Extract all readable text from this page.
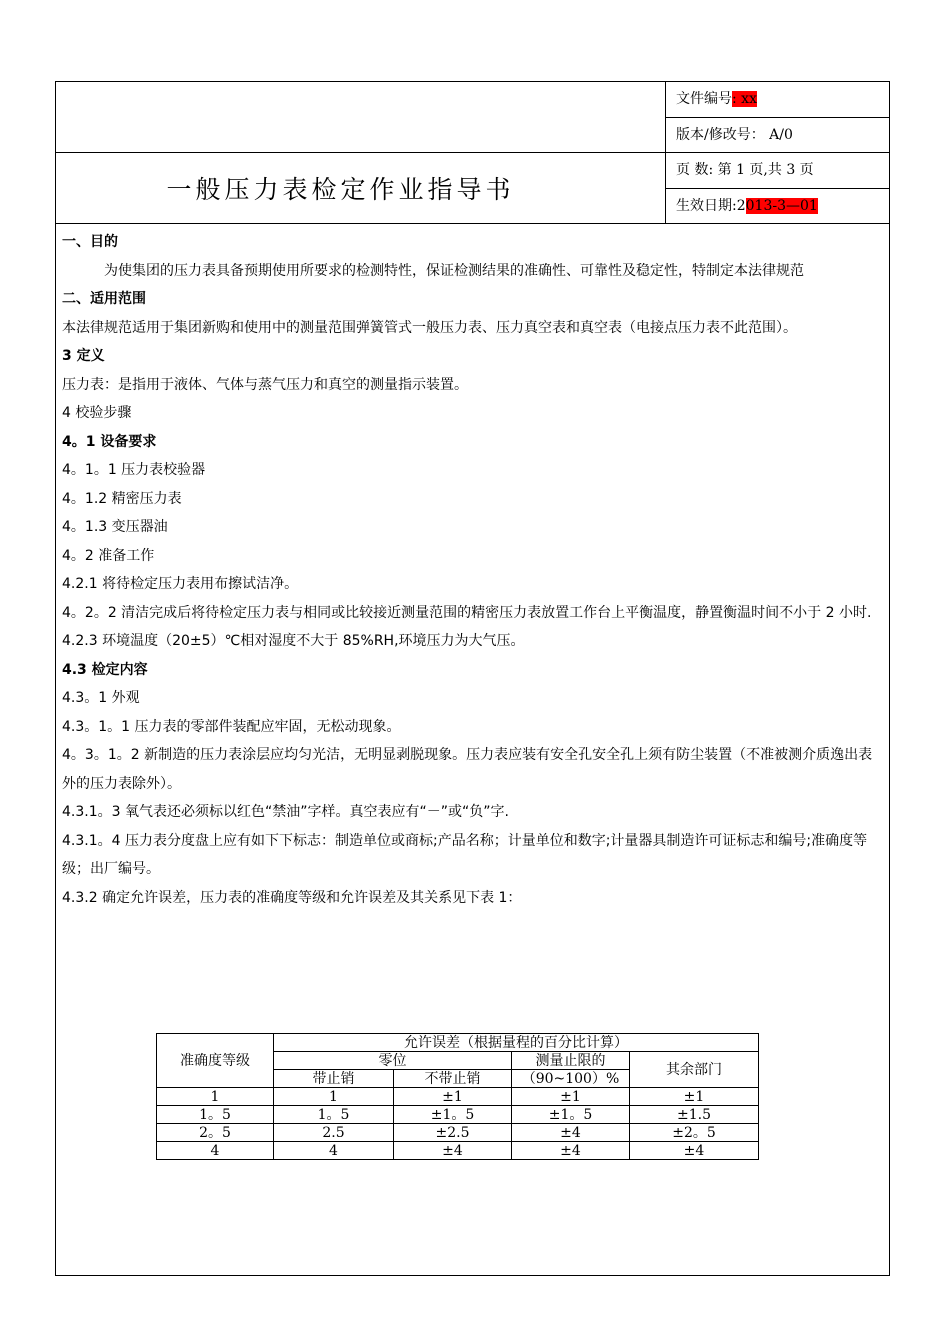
一般压力表检定作业指导书
文件编号: xx
版本/修改号： A/0
页 数: 第 1 页,共 3 页
生效日期:2013-3—01

一、目的

为使集团的压力表具备预期使用所要求的检测特性，保证检测结果的准确性、可靠性及稳定性，特制定本法律规范

二、适用范围

本法律规范适用于集团新购和使用中的测量范围弹簧管式一般压力表、压力真空表和真空表（电接点压力表不此范围）。

3 定义

压力表：是指用于液体、气体与蒸气压力和真空的测量指示装置。

4 校验步骤

4。1 设备要求

4。1。1 压力表校验器

4。1.2 精密压力表

4。1.3 变压器油

4。2 准备工作

4.2.1 将待检定压力表用布擦试洁净。

4。2。2 清洁完成后将待检定压力表与相同或比较接近测量范围的精密压力表放置工作台上平衡温度，静置衡温时间不小于 2 小时.

4.2.3 环境温度（20±5）℃相对湿度不大于 85%RH,环境压力为大气压。

4.3 检定内容

4.3。1 外观

4.3。1。1 压力表的零部件装配应牢固，无松动现象。

4。3。1。2 新制造的压力表涂层应均匀光洁，无明显剥脱现象。压力表应装有安全孔安全孔上须有防尘装置（不准被测介质逸出表外的压力表除外）。

4.3.1。3 氧气表还必须标以红色“禁油”字样。真空表应有“－”或“负”字.

4.3.1。4 压力表分度盘上应有如下下标志：制造单位或商标;产品名称；计量单位和数字;计量器具制造许可证标志和编号;准确度等级；出厂编号。

4.3.2 确定允许误差，压力表的准确度等级和允许误差及其关系见下表 1：

准确度等级	允许误差（根据量程的百分比计算）			
	零位		测量止限的	其余部门
	带止销	不带止销	（90~100）%	
1	1	±1	±1	±1
1。5	1。5	±1。5	±1。5	±1.5
2。5	2.5	±2.5	±4	±2。5
4	4	±4	±4	±4
